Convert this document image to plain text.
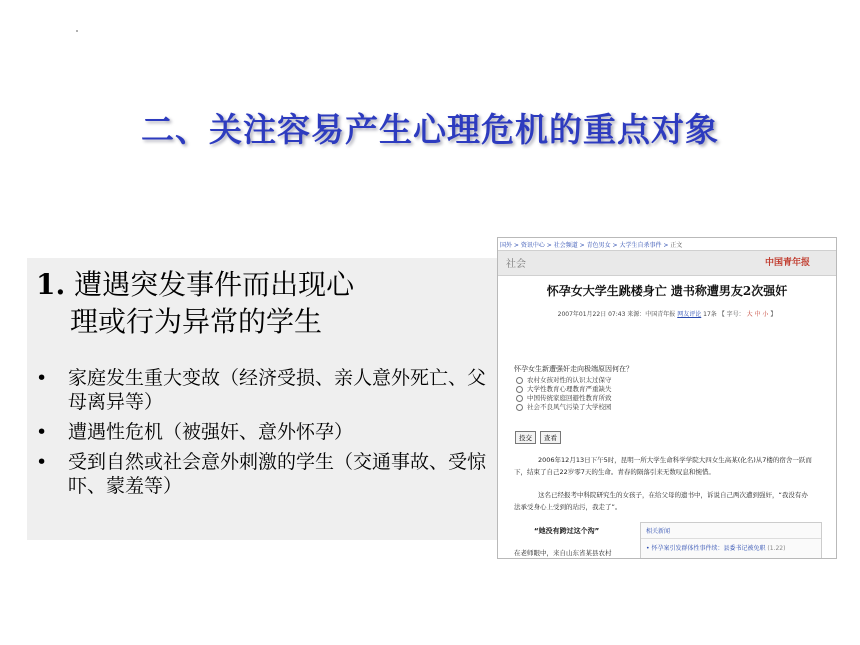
二、关注容易产生心理危机的重点对象
1. 遭遇突发事件而出现心
理或行为异常的学生
• 家庭发生重大变故（经济受损、亲人意外死亡、父母离异等）
• 遭遇性危机（被强奸、意外怀孕）
• 受到自然或社会意外刺激的学生（交通事故、受惊吓、蒙羞等）
国外 > 资讯中心 > 社会频道 > 青色男女 > 大学生自杀事件 > 正文
社会	中国青年报
怀孕女大学生跳楼身亡 遗书称遭男友2次强奸
2007年01月22日 07:43 来源：中国青年报 网友评论 17条 【 字号： 大 中 小 】
怀孕女生新遭强奸走向极端原因何在？
农村女孩对性的认识太过保守
大学性教育心理教育严重缺失
中国传统家庭回避性教育所致
社会不良风气污染了大学校园
投交	查看
2006年12月13日下午5时，昆明一所大学生命科学学院大四女生高某(化名)从7楼的宿舍一跃而下，结束了自己22岁零7天的生命。青春的陨落引来无数叹息和惋惜。
这名已经报考中科院研究生的女孩子，在给父母的遗书中，诉说自己两次遭到强奸，“我没有办法承受身心上受到的玷污，我走了”。
“她没有跨过这个沟”
在老师眼中，来自山东省某县农村
相关新闻
• 怀孕案引发群体性事件续：县委书记被免职 (1.22)
